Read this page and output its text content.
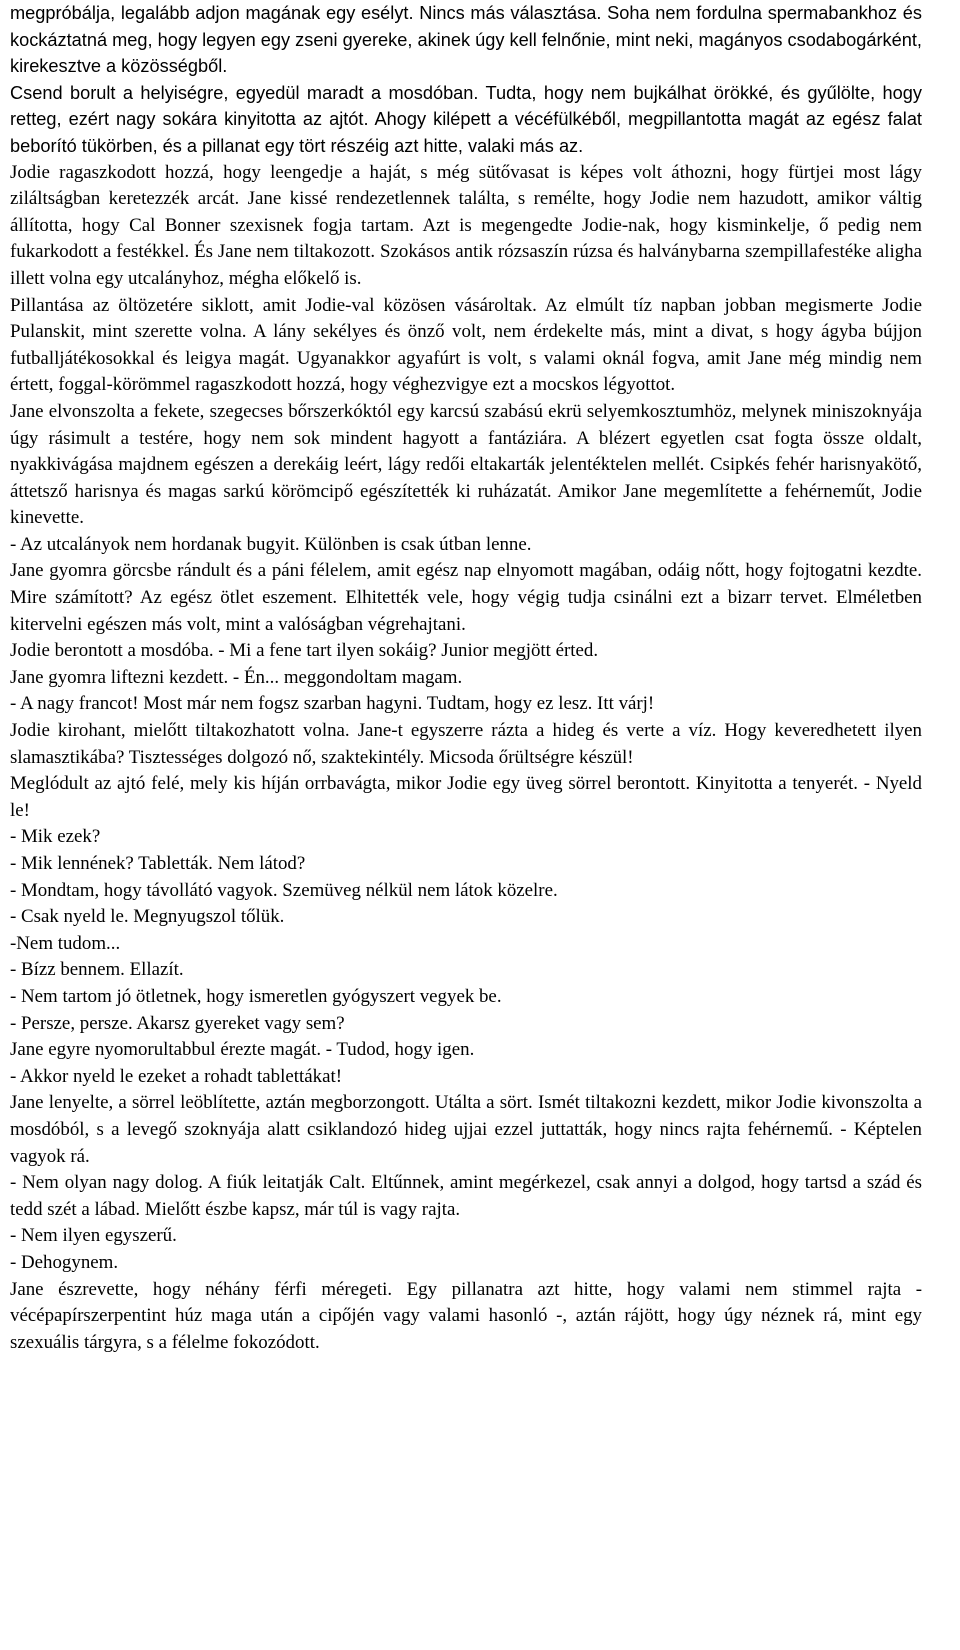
megpróbálja, legalább adjon magának egy esélyt. Nincs más választása. Soha nem fordulna spermabankhoz és kockáztatná meg, hogy legyen egy zseni gyereke, akinek úgy kell felnőnie, mint neki, magányos csodabogárként, kirekesztve a közösségből.

Csend borult a helyiségre, egyedül maradt a mosdóban. Tudta, hogy nem bujkálhat örökké, és gyűlölte, hogy retteg, ezért nagy sokára kinyitotta az ajtót. Ahogy kilépett a vécéfülkéből, megpillantotta magát az egész falat beborító tükörben, és a pillanat egy tört részéig azt hitte, valaki más az.

Jodie ragaszkodott hozzá, hogy leengedje a haját, s még sütővasat is képes volt áthozni, hogy fürtjei most lágy ziláltságban keretezzék arcát. Jane kissé rendezetlennek találta, s remélte, hogy Jodie nem hazudott, amikor váltig állította, hogy Cal Bonner szexisnek fogja tartam. Azt is megengedte Jodie-nak, hogy kisminkelje, ő pedig nem fukarkodott a festékkel. És Jane nem tiltakozott. Szokásos antik rózsaszín rúzsa és halványbarna szempillafestéke aligha illett volna egy utcalányhoz, mégha előkelő is.

Pillantása az öltözetére siklott, amit Jodie-val közösen vásároltak. Az elmúlt tíz napban jobban megismerte Jodie Pulanskit, mint szerette volna. A lány sekélyes és önző volt, nem érdekelte más, mint a divat, s hogy ágyba bújjon futballjátékosokkal és leigya magát. Ugyanakkor agyafúrt is volt, s valami oknál fogva, amit Jane még mindig nem értett, foggal-körömmel ragaszkodott hozzá, hogy véghezvigye ezt a mocskos légyottot.

Jane elvonszolta a fekete, szegecses bőrszerkóktól egy karcsú szabású ekrü selyemkosztumhöz, melynek miniszoknyája úgy rásimult a testére, hogy nem sok mindent hagyott a fantáziára. A blézert egyetlen csat fogta össze oldalt, nyakkivágása majdnem egészen a derekáig leért, lágy redői eltakarták jelentéktelen mellét. Csipkés fehér harisnyakötő, áttetsző harisnya és magas sarkú körömcipő egészítették ki ruházatát. Amikor Jane megemlítette a fehérneműt, Jodie kinevette.

- Az utcalányok nem hordanak bugyit. Különben is csak útban lenne.

Jane gyomra görcsbe rándult és a páni félelem, amit egész nap elnyomott magában, odáig nőtt, hogy fojtogatni kezdte. Mire számított? Az egész ötlet eszement. Elhitették vele, hogy végig tudja csinálni ezt a bizarr tervet. Elméletben kitervelni egészen más volt, mint a valóságban végrehajtani.

Jodie berontott a mosdóba. - Mi a fene tart ilyen sokáig? Junior megjött érted.

Jane gyomra liftezni kezdett. - Én... meggondoltam magam.

- A nagy francot! Most már nem fogsz szarban hagyni. Tudtam, hogy ez lesz. Itt várj!

Jodie kirohant, mielőtt tiltakozhatott volna. Jane-t egyszerre rázta a hideg és verte a víz. Hogy keveredhetett ilyen slamasztikába? Tisztességes dolgozó nő, szaktekintély. Micsoda őrültségre készül!

Meglódult az ajtó felé, mely kis híján orrbavágta, mikor Jodie egy üveg sörrel berontott. Kinyitotta a tenyerét. - Nyeld le!

- Mik ezek?

- Mik lennének? Tabletták. Nem látod?

- Mondtam, hogy távollátó vagyok. Szemüveg nélkül nem látok közelre.

- Csak nyeld le. Megnyugszol tőlük.

-Nem tudom...

- Bízz bennem. Ellazít.

- Nem tartom jó ötletnek, hogy ismeretlen gyógyszert vegyek be.

- Persze, persze. Akarsz gyereket vagy sem?

Jane egyre nyomorultabbul érezte magát. - Tudod, hogy igen.

- Akkor nyeld le ezeket a rohadt tablettákat!

Jane lenyelte, a sörrel leöblítette, aztán megborzongott. Utálta a sört. Ismét tiltakozni kezdett, mikor Jodie kivonszolta a mosdóból, s a levegő szoknyája alatt csiklandozó hideg ujjai ezzel juttatták, hogy nincs rajta fehérnemű. - Képtelen vagyok rá.

- Nem olyan nagy dolog. A fiúk leitatják Calt. Eltűnnek, amint megérkezel, csak annyi a dolgod, hogy tartsd a szád és tedd szét a lábad. Mielőtt észbe kapsz, már túl is vagy rajta.

- Nem ilyen egyszerű.

- Dehogynem.

Jane észrevette, hogy néhány férfi méregeti. Egy pillanatra azt hitte, hogy valami nem stimmel rajta - vécépapírszerpentint húz maga után a cipőjén vagy valami hasonló -, aztán rájött, hogy úgy néznek rá, mint egy szexuális tárgyra, s a félelme fokozódott.
